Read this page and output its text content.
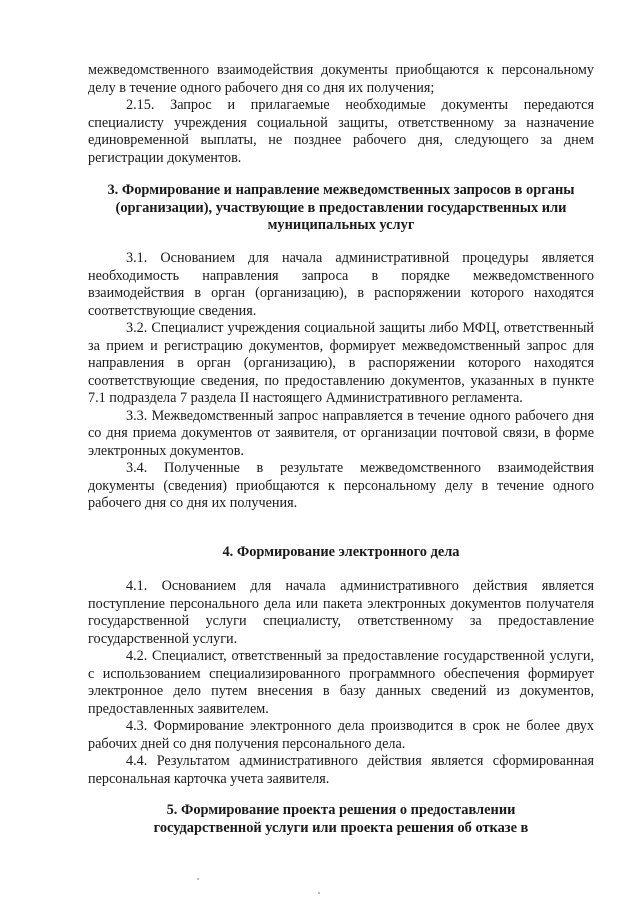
межведомственного взаимодействия документы приобщаются к персональному делу в течение одного рабочего дня со дня их получения;

2.15. Запрос и прилагаемые необходимые документы передаются специалисту учреждения социальной защиты, ответственному за назначение единовременной выплаты, не позднее рабочего дня, следующего за днем регистрации документов.

3. Формирование и направление межведомственных запросов в органы (организации), участвующие в предоставлении государственных или муниципальных услуг

3.1. Основанием для начала административной процедуры является необходимость направления запроса в порядке межведомственного взаимодействия в орган (организацию), в распоряжении которого находятся соответствующие сведения.

3.2. Специалист учреждения социальной защиты либо МФЦ, ответственный за прием и регистрацию документов, формирует межведомственный запрос для направления в орган (организацию), в распоряжении которого находятся соответствующие сведения, по предоставлению документов, указанных в пункте 7.1 подраздела 7 раздела II настоящего Административного регламента.

3.3. Межведомственный запрос направляется в течение одного рабочего дня со дня приема документов от заявителя, от организации почтовой связи, в форме электронных документов.

3.4. Полученные в результате межведомственного взаимодействия документы (сведения) приобщаются к персональному делу в течение одного рабочего дня со дня их получения.

4. Формирование электронного дела

4.1. Основанием для начала административного действия является поступление персонального дела или пакета электронных документов получателя государственной услуги специалисту, ответственному за предоставление государственной услуги.

4.2. Специалист, ответственный за предоставление государственной услуги, с использованием специализированного программного обеспечения формирует электронное дело путем внесения в базу данных сведений из документов, предоставленных заявителем.

4.3. Формирование электронного дела производится в срок не более двух рабочих дней со дня получения персонального дела.

4.4. Результатом административного действия является сформированная персональная карточка учета заявителя.

5. Формирование проекта решения о предоставлении
государственной услуги или проекта решения об отказе в
